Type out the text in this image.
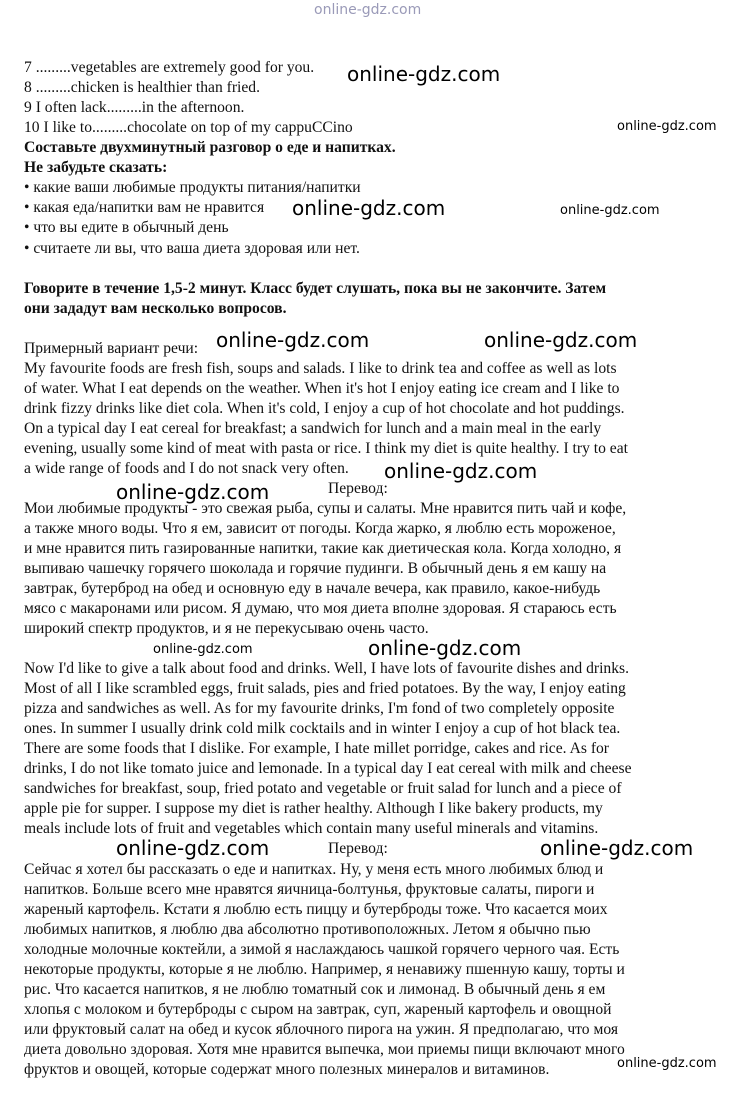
online-gdz.com
7 .........vegetables are extremely good for you.
8 .........chicken is healthier than fried.
9 I often lack.........in the afternoon.
10 I like to.........chocolate on top of my cappuCCino
Составьте двухминутный разговор о еде и напитках.
Не забудьте сказать:
• какие ваши любимые продукты питания/напитки
• какая еда/напитки вам не нравится
• что вы едите в обычный день
• считаете ли вы, что ваша диета здоровая или нет.
Говорите в течение 1,5-2 минут. Класс будет слушать, пока вы не закончите. Затем
они зададут вам несколько вопросов.
Примерный вариант речи:
My favourite foods are fresh fish, soups and salads. I like to drink tea and coffee as well as lots
of water. What I eat depends on the weather. When it's hot I enjoy eating ice cream and I like to
drink fizzy drinks like diet cola. When it's cold, I enjoy a cup of hot chocolate and hot puddings.
On a typical day I eat cereal for breakfast; a sandwich for lunch and a main meal in the early
evening, usually some kind of meat with pasta or rice. I think my diet is quite healthy. I try to eat
a wide range of foods and I do not snack very often.
Перевод:
Мои любимые продукты - это свежая рыба, супы и салаты. Мне нравится пить чай и кофе,
а также много воды. Что я ем, зависит от погоды. Когда жарко, я люблю есть мороженое,
и мне нравится пить газированные напитки, такие как диетическая кола. Когда холодно, я
выпиваю чашечку горячего шоколада и горячие пудинги. В обычный день я ем кашу на
завтрак, бутерброд на обед и основную еду в начале вечера, как правило, какое-нибудь
мясо с макаронами или рисом. Я думаю, что моя диета вполне здоровая. Я стараюсь есть
широкий спектр продуктов, и я не перекусываю очень часто.
Now I'd like to give a talk about food and drinks. Well, I have lots of favourite dishes and drinks.
Most of all I like scrambled eggs, fruit salads, pies and fried potatoes. By the way, I enjoy eating
pizza and sandwiches as well. As for my favourite drinks, I'm fond of two completely opposite
ones. In summer I usually drink cold milk cocktails and in winter I enjoy a cup of hot black tea.
There are some foods that I dislike. For example, I hate millet porridge, cakes and rice. As for
drinks, I do not like tomato juice and lemonade. In a typical day I eat cereal with milk and cheese
sandwiches for breakfast, soup, fried potato and vegetable or fruit salad for lunch and a piece of
apple pie for supper. I suppose my diet is rather healthy. Although I like bakery products, my
meals include lots of fruit and vegetables which contain many useful minerals and vitamins.
Перевод:
Сейчас я хотел бы рассказать о еде и напитках. Ну, у меня есть много любимых блюд и
напитков. Больше всего мне нравятся яичница-болтунья, фруктовые салаты, пироги и
жареный картофель. Кстати я люблю есть пиццу и бутерброды тоже. Что касается моих
любимых напитков, я люблю два абсолютно противоположных. Летом я обычно пью
холодные молочные коктейли, а зимой я наслаждаюсь чашкой горячего черного чая. Есть
некоторые продукты, которые я не люблю. Например, я ненавижу пшенную кашу, торты и
рис. Что касается напитков, я не люблю томатный сок и лимонад. В обычный день я ем
хлопья с молоком и бутерброды с сыром на завтрак, суп, жареный картофель и овощной
или фруктовый салат на обед и кусок яблочного пирога на ужин. Я предполагаю, что моя
диета довольно здоровая. Хотя мне нравится выпечка, мои приемы пищи включают много
фруктов и овощей, которые содержат много полезных минералов и витаминов.
online-gdz.com
online-gdz.com
online-gdz.com	online-gdz.com
online-gdz.com	online-gdz.com
online-gdz.com
online-gdz.com
online-gdz.com	online-gdz.com
online-gdz.com	online-gdz.com
online-gdz.com
